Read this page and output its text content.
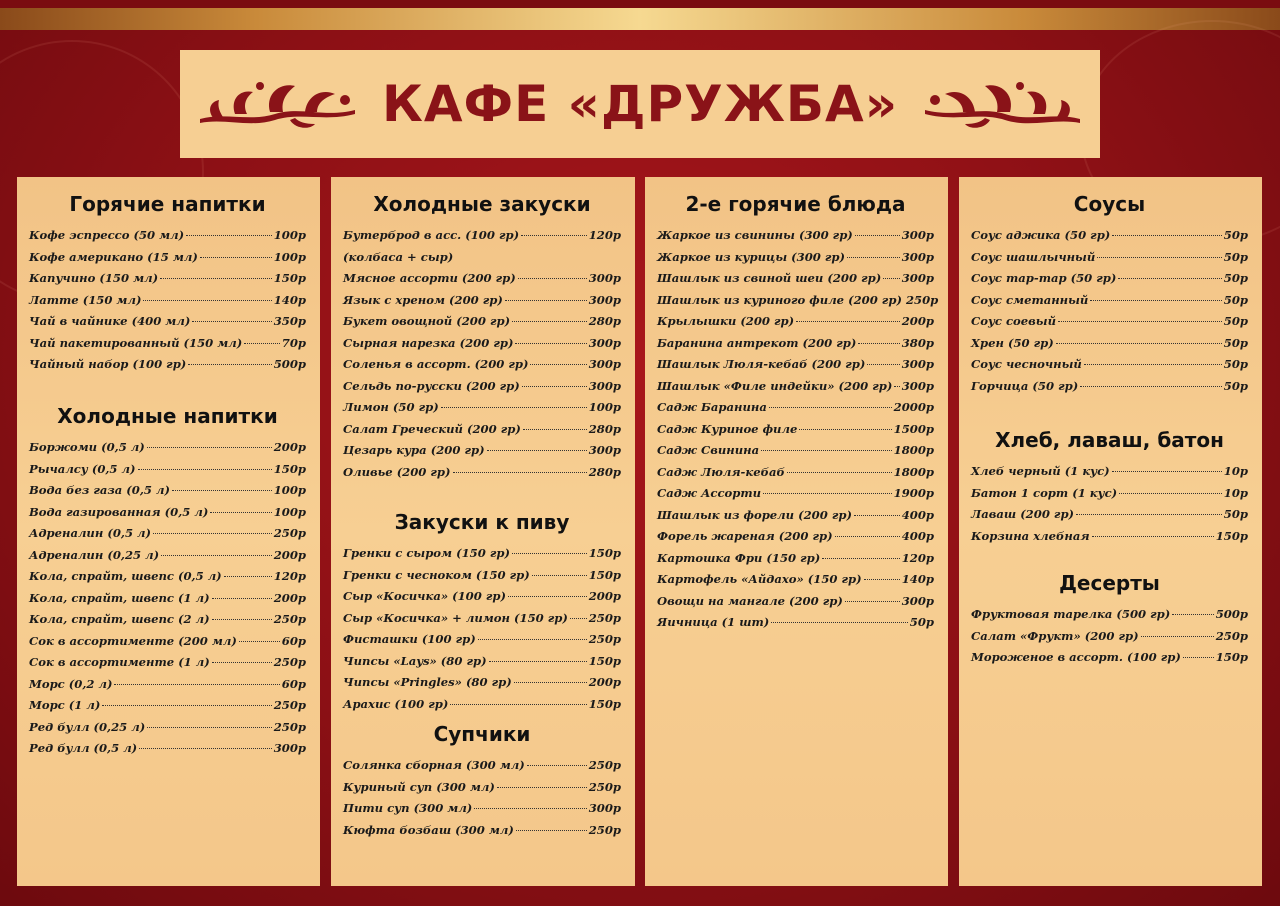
КАФЕ «ДРУЖБА»
Горячие напитки
Кофе эспрессо (50 мл)	100р
Кофе американо (15 мл)	100р
Капучино (150 мл)	150р
Латте (150 мл)	140р
Чай в чайнике (400 мл)	350р
Чай пакетированный (150 мл)	70р
Чайный набор (100 гр)	500р
Холодные напитки
Боржоми (0,5 л)	200р
Рычалсу (0,5 л)	150р
Вода без газа (0,5 л)	100р
Вода газированная (0,5 л)	100р
Адреналин (0,5 л)	250р
Адреналин (0,25 л)	200р
Кола, спрайт, швепс (0,5 л)	120р
Кола, спрайт, швепс (1 л)	200р
Кола, спрайт, швепс (2 л)	250р
Сок в ассортименте (200 мл)	60р
Сок в ассортименте (1 л)	250р
Морс (0,2 л)	60р
Морс (1 л)	250р
Ред булл (0,25 л)	250р
Ред булл (0,5 л)	300р
Холодные закуски
Бутерброд в асс. (100 гр)	120р
(колбаса + сыр)
Мясное ассорти (200 гр)	300р
Язык с хреном (200 гр)	300р
Букет овощной (200 гр)	280р
Сырная нарезка (200 гр)	300р
Соленья в ассорт. (200 гр)	300р
Сельдь по-русски (200 гр)	300р
Лимон (50 гр)	100р
Салат Греческий (200 гр)	280р
Цезарь кура (200 гр)	300р
Оливье (200 гр)	280р
Закуски к пиву
Гренки с сыром (150 гр)	150р
Гренки с чесноком (150 гр)	150р
Сыр «Косичка» (100 гр)	200р
Сыр «Косичка» + лимон (150 гр) 250р
Фисташки (100 гр)	250р
Чипсы «Lays» (80 гр)	150р
Чипсы «Pringles» (80 гр)	200р
Арахис (100 гр)	150р
Супчики
Солянка сборная (300 мл)	250р
Куриный суп (300 мл)	250р
Пити суп (300 мл)	300р
Кюфта бозбаш (300 мл)	250р
2-е горячие блюда
Жаркое из свинины (300 гр)	300р
Жаркое из курицы (300 гр)	300р
Шашлык из свиной шеи (200 гр) 300р
Шашлык из куриного филе (200 гр) 250р
Крылышки (200 гр)	200р
Баранина антрекот (200 гр)	380р
Шашлык Люля-кебаб (200 гр)	300р
Шашлык «Филе индейки» (200 гр) 300р
Садж Баранина	2000р
Садж Куриное филе	1500р
Садж Свинина	1800р
Садж Люля-кебаб	1800р
Садж Ассорти	1900р
Шашлык из форели (200 гр)	400р
Форель жареная (200 гр)	400р
Картошка Фри (150 гр)	120р
Картофель «Айдахо» (150 гр)	140р
Овощи на мангале (200 гр)	300р
Яичница (1 шт)	50р
Соусы
Соус аджика (50 гр)	50р
Соус шашлычный	50р
Соус тар-тар (50 гр)	50р
Соус сметанный	50р
Соус соевый	50р
Хрен (50 гр)	50р
Соус чесночный	50р
Горчица (50 гр)	50р
Хлеб, лаваш, батон
Хлеб черный (1 кус)	10р
Батон 1 сорт (1 кус)	10р
Лаваш (200 гр)	50р
Корзина хлебная	150р
Десерты
Фруктовая тарелка (500 гр)	500р
Салат «Фрукт» (200 гр)	250р
Мороженое в ассорт. (100 гр)	150р
